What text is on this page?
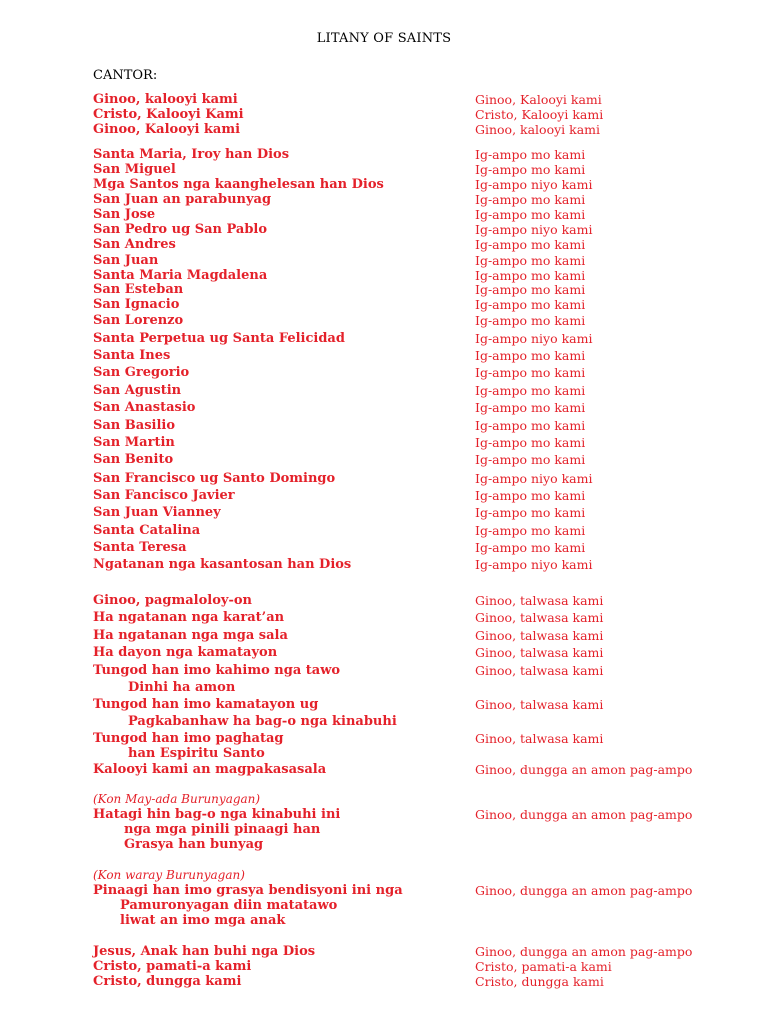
LITANY OF SAINTS
CANTOR:
Ginoo, kalooyi kami	Ginoo, Kalooyi kami
Cristo, Kalooyi Kami	Cristo, Kalooyi kami
Ginoo, Kalooyi kami	Ginoo, kalooyi kami
Santa Maria, Iroy han Dios	Ig-ampo mo kami
San Miguel	Ig-ampo mo kami
Mga Santos nga kaanghelesan han Dios	Ig-ampo niyo kami
San Juan an parabunyag	Ig-ampo mo kami
San Jose	Ig-ampo mo kami
San Pedro ug San Pablo	Ig-ampo niyo kami
San Andres	Ig-ampo mo kami
San Juan	Ig-ampo mo kami
Santa Maria Magdalena	Ig-ampo mo kami
San Esteban	Ig-ampo mo kami
San Ignacio	Ig-ampo mo kami
San Lorenzo	Ig-ampo mo kami
Santa Perpetua ug Santa Felicidad	Ig-ampo niyo kami
Santa Ines	Ig-ampo mo kami
San Gregorio	Ig-ampo mo kami
San Agustin	Ig-ampo mo kami
San Anastasio	Ig-ampo mo kami
San Basilio	Ig-ampo mo kami
San Martin	Ig-ampo mo kami
San Benito	Ig-ampo mo kami
San Francisco ug Santo Domingo	Ig-ampo niyo kami
San Fancisco Javier	Ig-ampo mo kami
San Juan Vianney	Ig-ampo mo kami
Santa Catalina	Ig-ampo mo kami
Santa Teresa	Ig-ampo mo kami
Ngatanan nga kasantosan han Dios	Ig-ampo niyo kami
Ginoo, pagmaloloy-on	Ginoo, talwasa kami
Ha ngatanan nga karat’an	Ginoo, talwasa kami
Ha ngatanan nga mga sala	Ginoo, talwasa kami
Ha dayon nga kamatayon	Ginoo, talwasa kami
Tungod han imo kahimo nga tawo	Ginoo, talwasa kami
Dinhi ha amon
Tungod han imo kamatayon ug	Ginoo, talwasa kami
Pagkabanhaw ha bag-o nga kinabuhi
Tungod han imo paghatag	Ginoo, talwasa kami
han Espiritu Santo
Kalooyi kami an magpakasasala	Ginoo, dungga an amon pag-ampo
(Kon May-ada Burunyagan)
Hatagi hin bag-o nga kinabuhi ini	Ginoo, dungga an amon pag-ampo
nga mga pinili pinaagi han
Grasya han bunyag
(Kon waray Burunyagan)
Pinaagi han imo grasya bendisyoni ini nga	Ginoo, dungga an amon pag-ampo
Pamuronyagan diin matatawo
liwat an imo mga anak
Jesus, Anak han buhi nga Dios	Ginoo, dungga an amon pag-ampo
Cristo, pamati-a kami	Cristo, pamati-a kami
Cristo, dungga kami	Cristo, dungga kami
